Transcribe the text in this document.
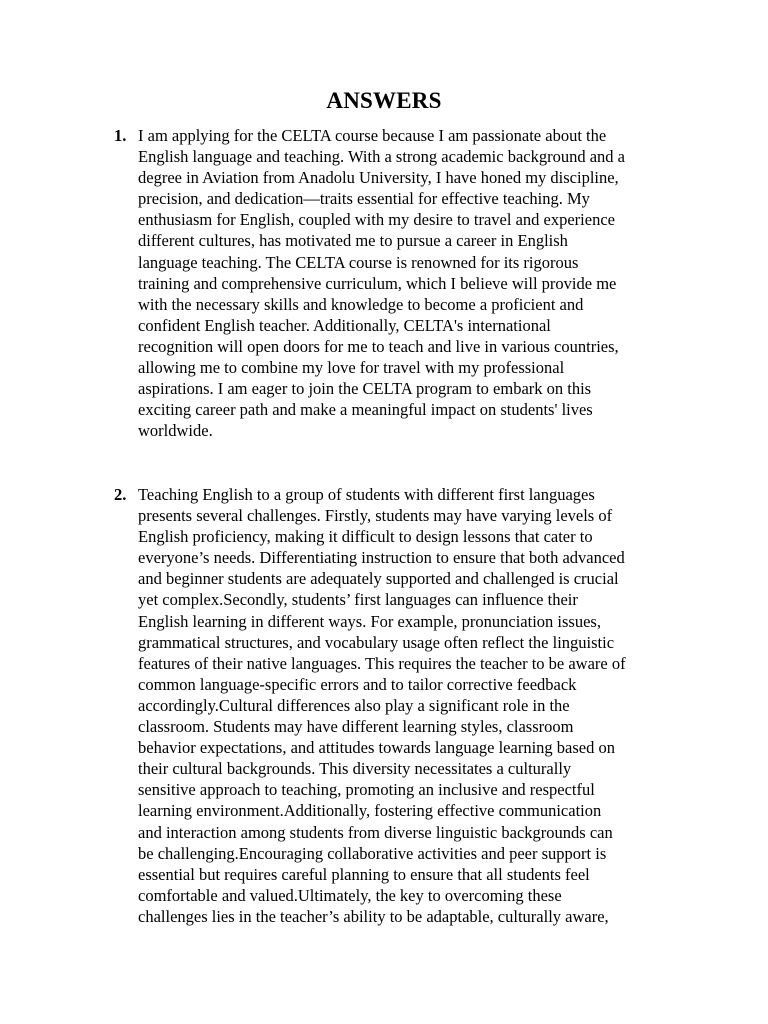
ANSWERS
1. I am applying for the CELTA course because I am passionate about the
English language and teaching. With a strong academic background and a
degree in Aviation from Anadolu University, I have honed my discipline,
precision, and dedication—traits essential for effective teaching. My
enthusiasm for English, coupled with my desire to travel and experience
different cultures, has motivated me to pursue a career in English
language teaching. The CELTA course is renowned for its rigorous
training and comprehensive curriculum, which I believe will provide me
with the necessary skills and knowledge to become a proficient and
confident English teacher. Additionally, CELTA's international
recognition will open doors for me to teach and live in various countries,
allowing me to combine my love for travel with my professional
aspirations. I am eager to join the CELTA program to embark on this
exciting career path and make a meaningful impact on students' lives
worldwide.
2. Teaching English to a group of students with different first languages
presents several challenges. Firstly, students may have varying levels of
English proficiency, making it difficult to design lessons that cater to
everyone’s needs. Differentiating instruction to ensure that both advanced
and beginner students are adequately supported and challenged is crucial
yet complex.Secondly, students’ first languages can influence their
English learning in different ways. For example, pronunciation issues,
grammatical structures, and vocabulary usage often reflect the linguistic
features of their native languages. This requires the teacher to be aware of
common language-specific errors and to tailor corrective feedback
accordingly.Cultural differences also play a significant role in the
classroom. Students may have different learning styles, classroom
behavior expectations, and attitudes towards language learning based on
their cultural backgrounds. This diversity necessitates a culturally
sensitive approach to teaching, promoting an inclusive and respectful
learning environment.Additionally, fostering effective communication
and interaction among students from diverse linguistic backgrounds can
be challenging.Encouraging collaborative activities and peer support is
essential but requires careful planning to ensure that all students feel
comfortable and valued.Ultimately, the key to overcoming these
challenges lies in the teacher’s ability to be adaptable, culturally aware,
